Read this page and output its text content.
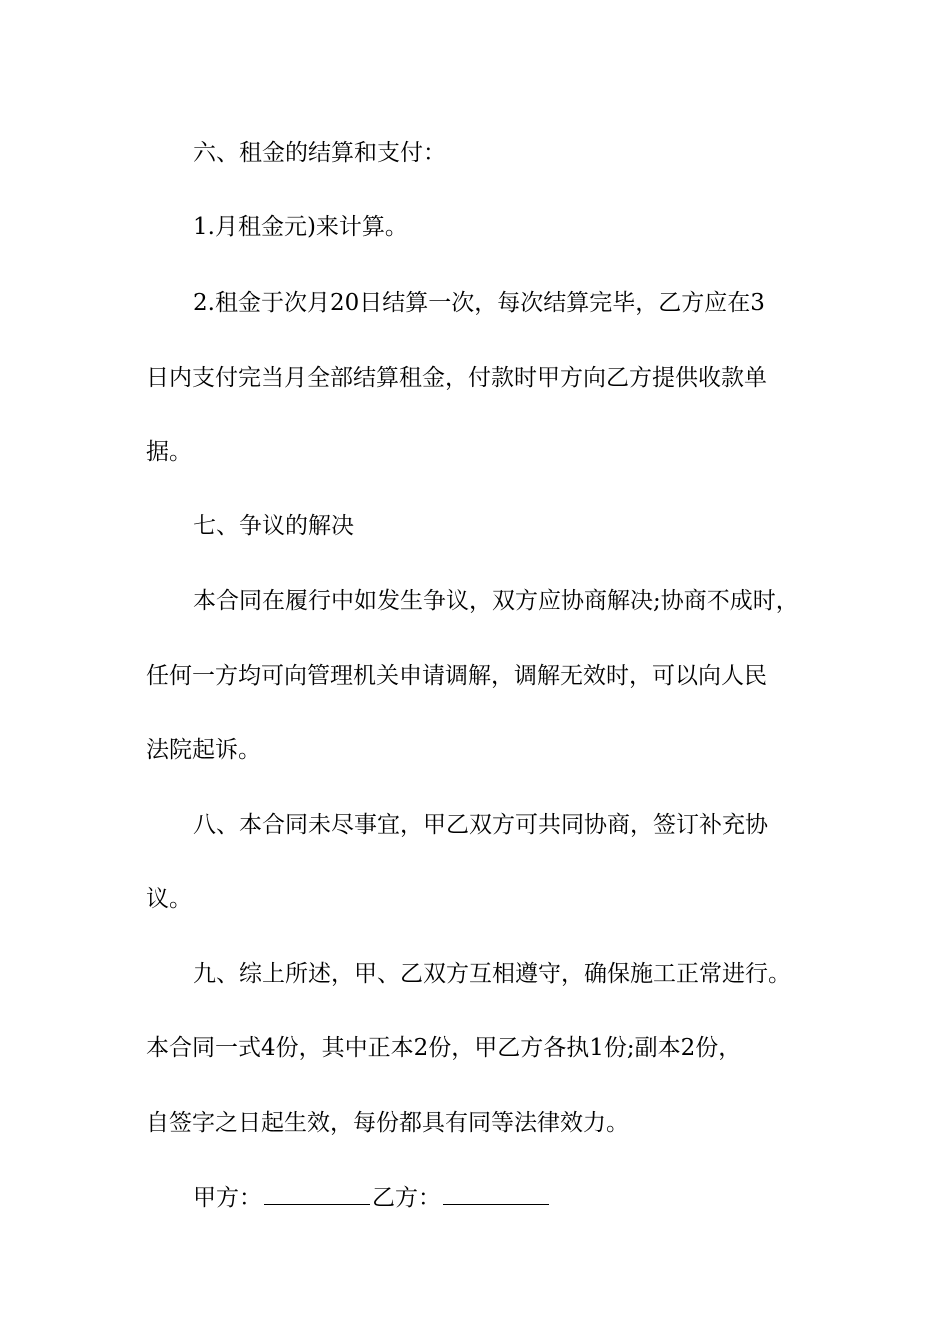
六、租金的结算和支付：
1.月租金元)来计算。
2.租金于次月20日结算一次，每次结算完毕，乙方应在3
日内支付完当月全部结算租金，付款时甲方向乙方提供收款单
据。
七、争议的解决
本合同在履行中如发生争议，双方应协商解决;协商不成时，
任何一方均可向管理机关申请调解，调解无效时，可以向人民
法院起诉。
八、本合同未尽事宜，甲乙双方可共同协商，签订补充协
议。
九、综上所述，甲、乙双方互相遵守，确保施工正常进行。
本合同一式4份，其中正本2份，甲乙方各执1份;副本2份，
自签字之日起生效，每份都具有同等法律效力。
甲方：	乙方：
